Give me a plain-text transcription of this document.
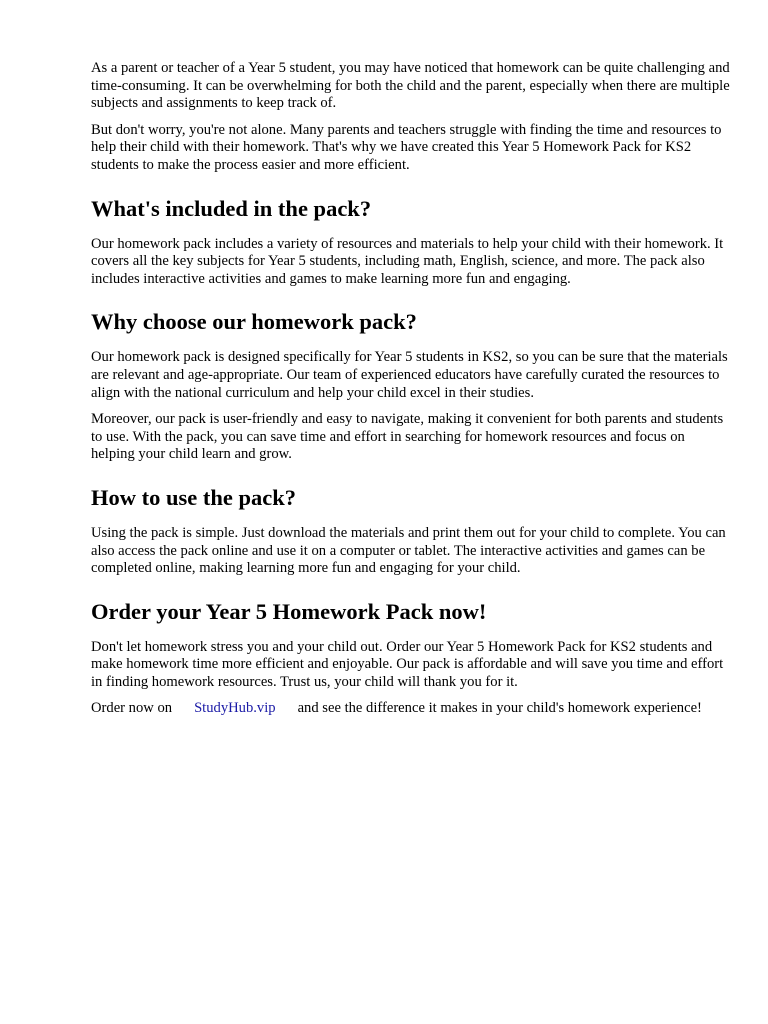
As a parent or teacher of a Year 5 student, you may have noticed that homework can be quite challenging and time-consuming. It can be overwhelming for both the child and the parent, especially when there are multiple subjects and assignments to keep track of.

But don't worry, you're not alone. Many parents and teachers struggle with finding the time and resources to help their child with their homework. That's why we have created this Year 5 Homework Pack for KS2 students to make the process easier and more efficient.

What's included in the pack?

Our homework pack includes a variety of resources and materials to help your child with their homework. It covers all the key subjects for Year 5 students, including math, English, science, and more. The pack also includes interactive activities and games to make learning more fun and engaging.

Why choose our homework pack?

Our homework pack is designed specifically for Year 5 students in KS2, so you can be sure that the materials are relevant and age-appropriate. Our team of experienced educators have carefully curated the resources to align with the national curriculum and help your child excel in their studies.

Moreover, our pack is user-friendly and easy to navigate, making it convenient for both parents and students to use. With the pack, you can save time and effort in searching for homework resources and focus on helping your child learn and grow.

How to use the pack?

Using the pack is simple. Just download the materials and print them out for your child to complete. You can also access the pack online and use it on a computer or tablet. The interactive activities and games can be completed online, making learning more fun and engaging for your child.

Order your Year 5 Homework Pack now!

Don't let homework stress you and your child out. Order our Year 5 Homework Pack for KS2 students and make homework time more efficient and enjoyable. Our pack is affordable and will save you time and effort in finding homework resources. Trust us, your child will thank you for it.

Order now on StudyHub.vip and see the difference it makes in your child's homework experience!
